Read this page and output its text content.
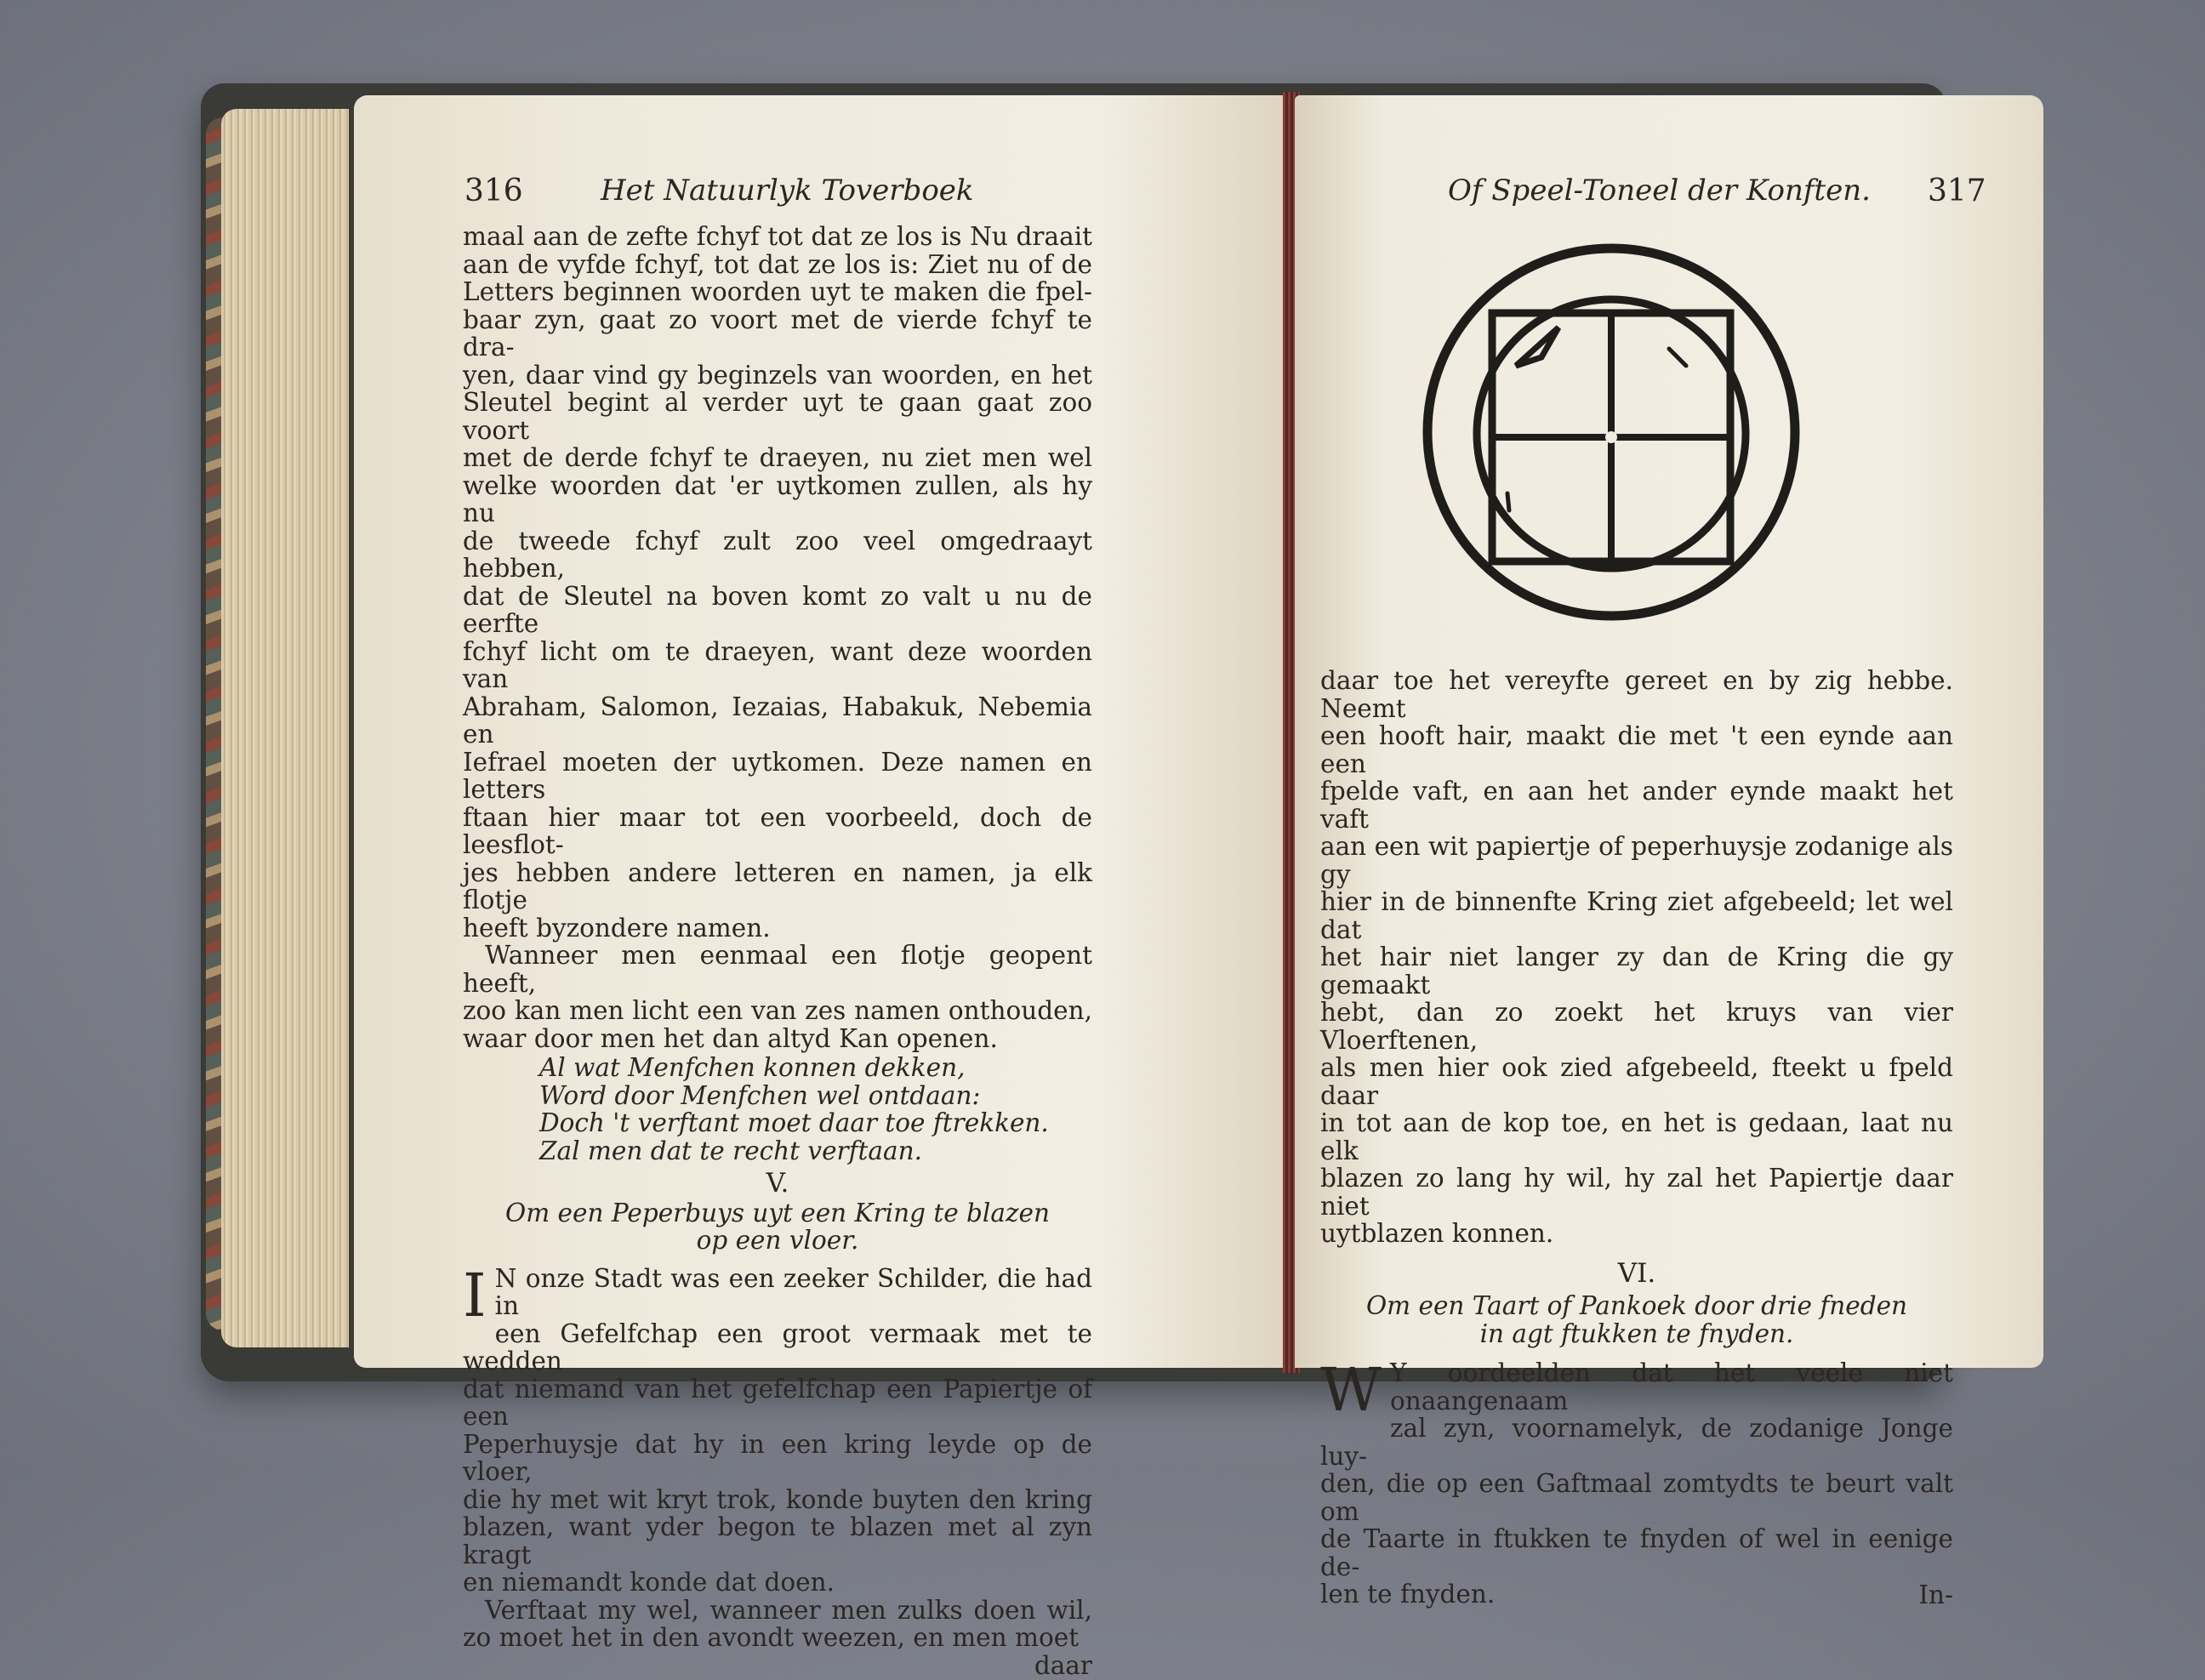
316	Het Natuurlyk Toverboek

maal aan de zefte fchyf tot dat ze los is Nu draait

aan de vyfde fchyf, tot dat ze los is: Ziet nu of de

Letters beginnen woorden uyt te maken die fpel-

baar zyn, gaat zo voort met de vierde fchyf te dra-

yen, daar vind gy beginzels van woorden, en het

Sleutel begint al verder uyt te gaan gaat zoo voort

met de derde fchyf te draeyen, nu ziet men wel

welke woorden dat 'er uytkomen zullen, als hy nu

de tweede fchyf zult zoo veel omgedraayt hebben,

dat de Sleutel na boven komt zo valt u nu de eerfte

fchyf licht om te draeyen, want deze woorden van

Abraham, Salomon, Iezaias, Habakuk, Nebemia en

Iefrael moeten der uytkomen. Deze namen en letters

ftaan hier maar tot een voorbeeld, doch de leesflot-

jes hebben andere letteren en namen, ja elk flotje

heeft byzondere namen.

Wanneer men eenmaal een flotje geopent heeft,

zoo kan men licht een van zes namen onthouden,

waar door men het dan altyd Kan openen.

Al wat Menfchen konnen dekken,

Word door Menfchen wel ontdaan:

Doch 't verftant moet daar toe ftrekken.

Zal men dat te recht verftaan.

V.

Om een Peperbuys uyt een Kring te blazen

op een vloer.

I N onze Stadt was een zeeker Schilder, die had in

een Gefelfchap een groot vermaak met te wedden

dat niemand van het gefelfchap een Papiertje of een

Peperhuysje dat hy in een kring leyde op de vloer,

die hy met wit kryt trok, konde buyten den kring

blazen, want yder begon te blazen met al zyn kragt

en niemandt konde dat doen.

Verftaat my wel, wanneer men zulks doen wil,

zo moet het in den avondt weezen, en men moet

daar

Of Speel-Toneel der Konften. 317

daar toe het vereyfte gereet en by zig hebbe. Neemt

een hooft hair, maakt die met 't een eynde aan een

fpelde vaft, en aan het ander eynde maakt het vaft

aan een wit papiertje of peperhuysje zodanige als gy

hier in de binnenfte Kring ziet afgebeeld; let wel dat

het hair niet langer zy dan de Kring die gy gemaakt

hebt, dan zo zoekt het kruys van vier Vloerftenen,

als men hier ook zied afgebeeld, fteekt u fpeld daar

in tot aan de kop toe, en het is gedaan, laat nu elk

blazen zo lang hy wil, hy zal het Papiertje daar niet

uytblazen konnen.

VI.

Om een Taart of Pankoek door drie fneden

in agt ftukken te fnyden.

W Y oordeelden dat het veele niet onaangenaam

zal zyn, voornamelyk, de zodanige Jonge luy-

den, die op een Gaftmaal zomtydts te beurt valt om

de Taarte in ftukken te fnyden of wel in eenige de-

len te fnyden.	In-
